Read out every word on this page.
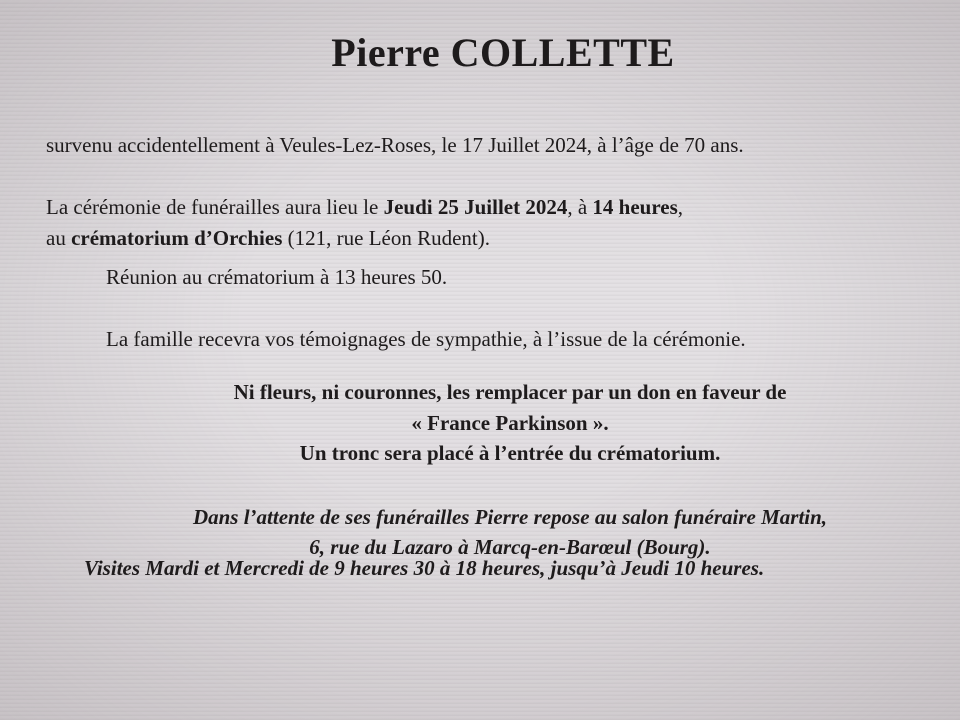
Pierre COLLETTE
survenu accidentellement à Veules-Lez-Roses, le 17 Juillet 2024, à l’âge de 70 ans.
La cérémonie de funérailles aura lieu le Jeudi 25 Juillet 2024, à 14 heures,
au crématorium d’Orchies (121, rue Léon Rudent).
Réunion au crématorium à 13 heures 50.
La famille recevra vos témoignages de sympathie, à l’issue de la cérémonie.
Ni fleurs, ni couronnes, les remplacer par un don en faveur de
« France Parkinson ».
Un tronc sera placé à l’entrée du crématorium.
Dans l’attente de ses funérailles Pierre repose au salon funéraire Martin,
6, rue du Lazaro à Marcq-en-Barœul (Bourg).
Visites Mardi et Mercredi de 9 heures 30 à 18 heures, jusqu’à Jeudi 10 heures.
